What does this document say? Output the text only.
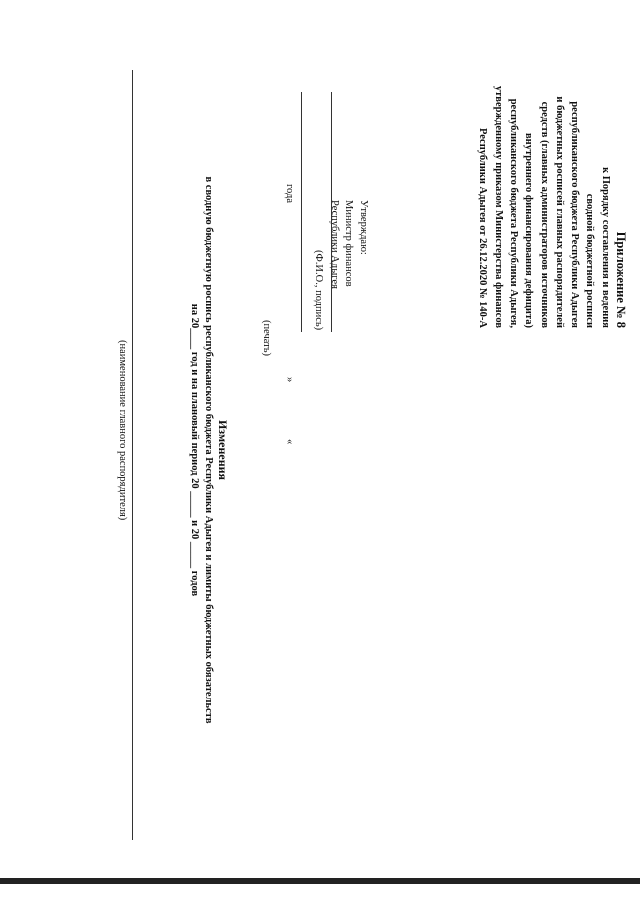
Приложение № 8
к Порядку составления и ведения
сводной бюджетной росписи
республиканского бюджета Республики Адыгея
и бюджетных росписей главных распорядителей
средств (главных администраторов источников
внутреннего финансирования дефицита)
республиканского бюджета Республики Адыгея,
утвержденному приказом Министерства финансов
Республики Адыгея от 26.12.2020 № 140-А
Утверждаю:
Министр финансов
Республики Адыгея
(Ф.И.О., подпись)
года
»
«
(печать)
Изменения
в сводную бюджетную роспись республиканского бюджета Республики Адыгея и лимиты бюджетных обязательств
на 20____ год и на плановый период 20 _____ и 20 _____ годов
(наименование главного распорядителя)
